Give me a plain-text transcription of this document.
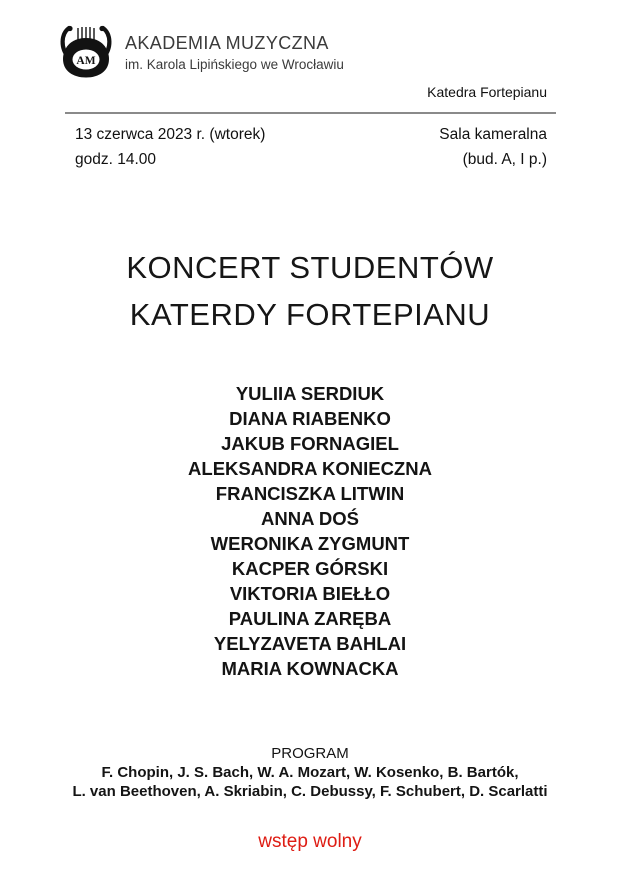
AM
AKADEMIA MUZYCZNA
im. Karola Lipińskiego we Wrocławiu
Katedra Fortepianu
13 czerwca 2023 r. (wtorek)
godz. 14.00
Sala kameralna
(bud. A, I p.)
KONCERT STUDENTÓW
KATERDY FORTEPIANU
YULIIA SERDIUK
DIANA RIABENKO
JAKUB FORNAGIEL
ALEKSANDRA KONIECZNA
FRANCISZKA LITWIN
ANNA DOŚ
WERONIKA ZYGMUNT
KACPER GÓRSKI
VIKTORIA BIEŁŁO
PAULINA ZARĘBA
YELYZAVETA BAHLAI
MARIA KOWNACKA
PROGRAM
F. Chopin, J. S. Bach, W. A. Mozart, W. Kosenko, B. Bartók,
L. van Beethoven, A. Skriabin, C. Debussy, F. Schubert, D. Scarlatti
wstęp wolny
